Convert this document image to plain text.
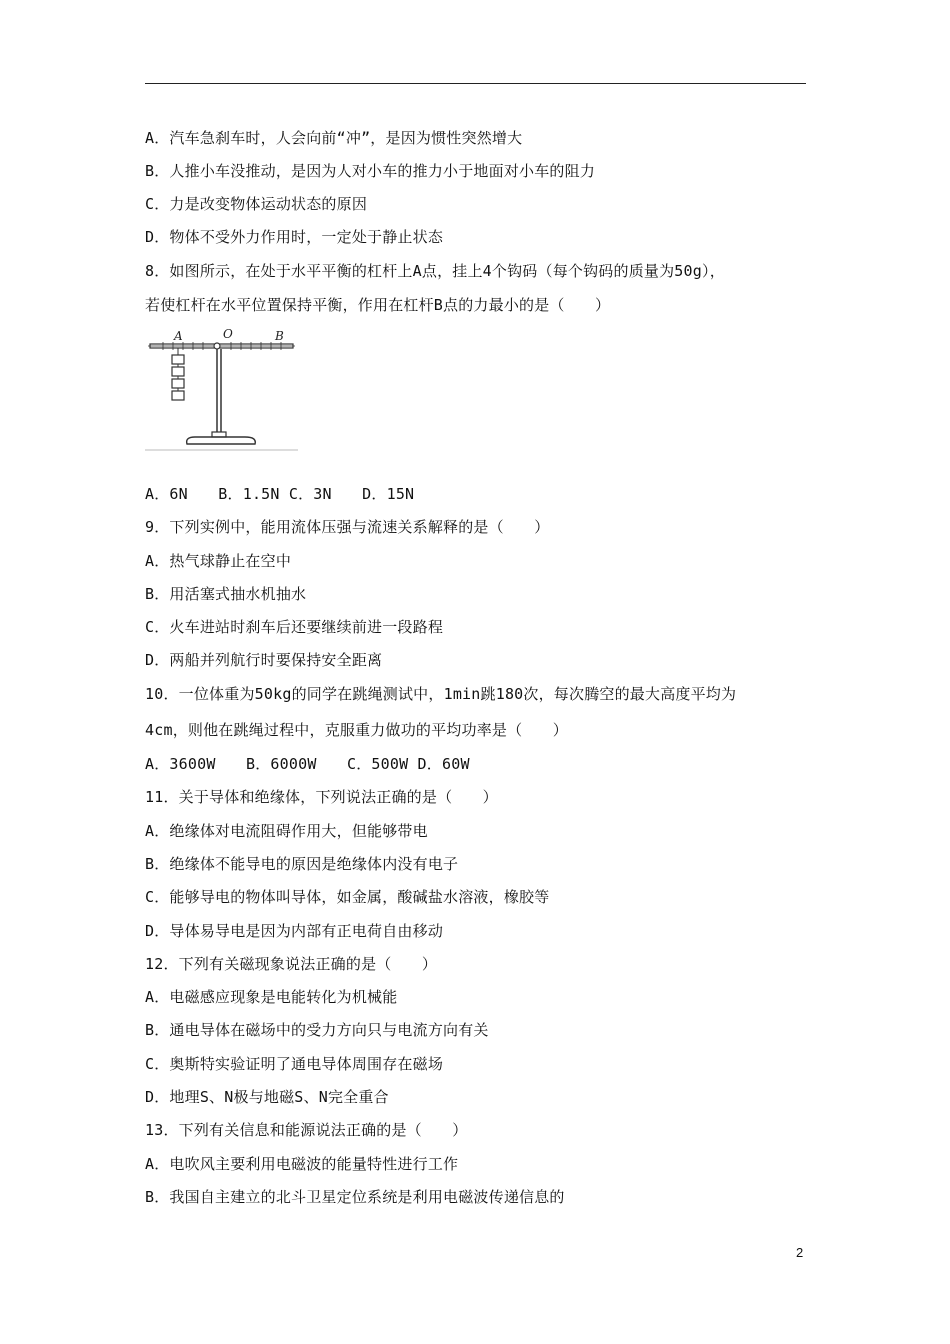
A．汽车急刹车时，人会向前“冲”，是因为惯性突然增大
B．人推小车没推动，是因为人对小车的推力小于地面对小车的阻力
C．力是改变物体运动状态的原因
D．物体不受外力作用时，一定处于静止状态
8．如图所示，在处于水平平衡的杠杆上A点，挂上4个钩码（每个钩码的质量为50g），
若使杠杆在水平位置保持平衡，作用在杠杆B点的力最小的是（　　）
A	O	B
A．6N　　B．1.5N C．3N　　D．15N
9．下列实例中，能用流体压强与流速关系解释的是（　　）
A．热气球静止在空中
B．用活塞式抽水机抽水
C．火车进站时刹车后还要继续前进一段路程
D．两船并列航行时要保持安全距离
10．一位体重为50kg的同学在跳绳测试中，1min跳180次，每次腾空的最大高度平均为
4cm，则他在跳绳过程中，克服重力做功的平均功率是（　　）
A．3600W　　B．6000W　　C．500W D．60W
11．关于导体和绝缘体，下列说法正确的是（　　）
A．绝缘体对电流阻碍作用大，但能够带电
B．绝缘体不能导电的原因是绝缘体内没有电子
C．能够导电的物体叫导体，如金属，酸碱盐水溶液，橡胶等
D．导体易导电是因为内部有正电荷自由移动
12．下列有关磁现象说法正确的是（　　）
A．电磁感应现象是电能转化为机械能
B．通电导体在磁场中的受力方向只与电流方向有关
C．奥斯特实验证明了通电导体周围存在磁场
D．地理S、N极与地磁S、N完全重合
13．下列有关信息和能源说法正确的是（　　）
A．电吹风主要利用电磁波的能量特性进行工作
B．我国自主建立的北斗卫星定位系统是利用电磁波传递信息的
2
